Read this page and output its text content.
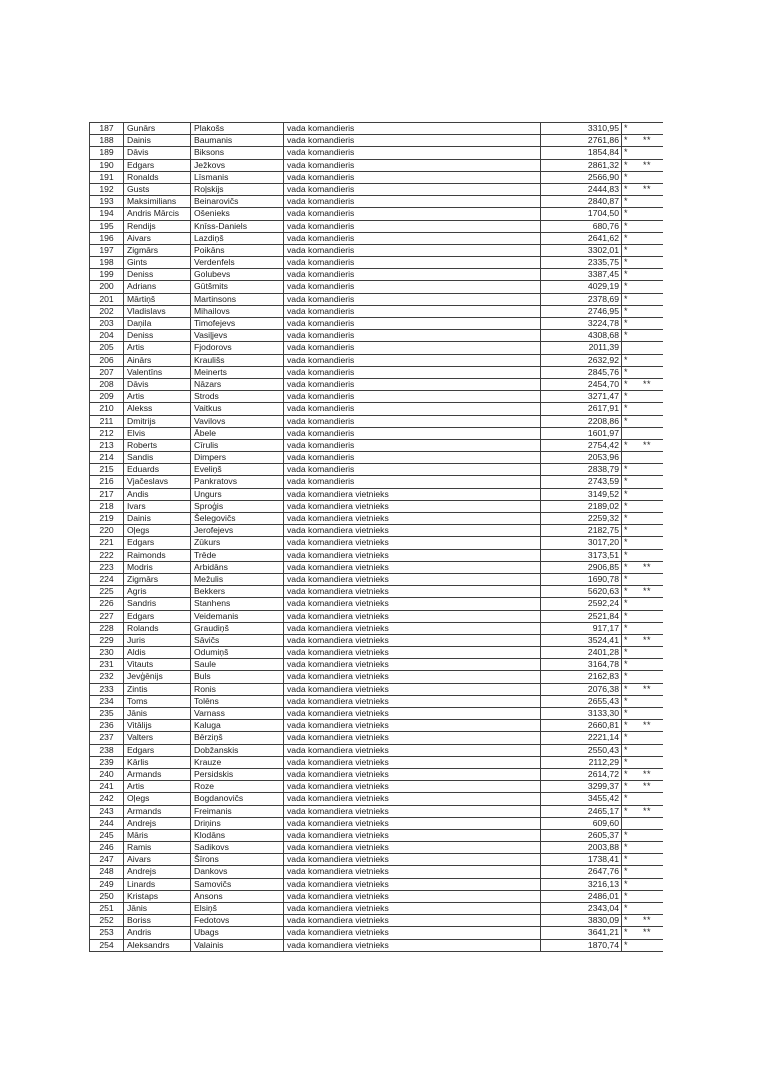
187	Gunārs	Plakošs	vada komandieris	3310,95 *
188	Dainis	Baumanis	vada komandieris	2761,86 *	**
189	Dāvis	Biksons	vada komandieris	1854,84 *
190	Edgars	Ježkovs	vada komandieris	2861,32 *	**
191	Ronalds	Līsmanis	vada komandieris	2566,90 *
192	Gusts	Roļskijs	vada komandieris	2444,83 *	**
193	Maksimilians	Beinarovičs	vada komandieris	2840,87 *
194	Andris Mārcis	Ošenieks	vada komandieris	1704,50 *
195	Rendijs	Knīss-Daniels	vada komandieris	680,76 *
196	Aivars	Lazdiņš	vada komandieris	2641,62 *
197	Zigmārs	Poikāns	vada komandieris	3302,01 *
198	Gints	Verdenfels	vada komandieris	2335,75 *
199	Deniss	Golubevs	vada komandieris	3387,45 *
200	Adrians	Gūtšmits	vada komandieris	4029,19 *
201	Mārtiņš	Martinsons	vada komandieris	2378,69 *
202	Vladislavs	Mihailovs	vada komandieris	2746,95 *
203	Daņila	Timofejevs	vada komandieris	3224,78 *
204	Deniss	Vasiļjevs	vada komandieris	4308,68 *
205	Artis	Fjodorovs	vada komandieris	2011,39
206	Ainārs	Kraulišs	vada komandieris	2632,92 *
207	Valentīns	Meinerts	vada komandieris	2845,76 *
208	Dāvis	Nāzars	vada komandieris	2454,70 *	**
209	Artis	Strods	vada komandieris	3271,47 *
210	Alekss	Vaitkus	vada komandieris	2617,91 *
211	Dmitrijs	Vavilovs	vada komandieris	2208,86 *
212	Elvis	Ābele	vada komandieris	1601,97
213	Roberts	Cīrulis	vada komandieris	2754,42 *	**
214	Sandis	Dimpers	vada komandieris	2053,96
215	Eduards	Eveliņš	vada komandieris	2838,79 *
216	Vjačeslavs	Pankratovs	vada komandieris	2743,59 *
217	Andis	Ungurs	vada komandiera vietnieks	3149,52 *
218	Ivars	Sproģis	vada komandiera vietnieks	2189,02 *
219	Dainis	Šelegovičs	vada komandiera vietnieks	2259,32 *
220	Oļegs	Jerofejevs	vada komandiera vietnieks	2182,75 *
221	Edgars	Zūkurs	vada komandiera vietnieks	3017,20 *
222	Raimonds	Trēde	vada komandiera vietnieks	3173,51 *
223	Modris	Arbidāns	vada komandiera vietnieks	2906,85 *	**
224	Zigmārs	Mežulis	vada komandiera vietnieks	1690,78 *
225	Agris	Bekkers	vada komandiera vietnieks	5620,63 *	**
226	Sandris	Stanhens	vada komandiera vietnieks	2592,24 *
227	Edgars	Veidemanis	vada komandiera vietnieks	2521,84 *
228	Rolands	Graudiņš	vada komandiera vietnieks	917,17 *
229	Juris	Sāvičs	vada komandiera vietnieks	3524,41 *	**
230	Aldis	Odumiņš	vada komandiera vietnieks	2401,28 *
231	Vitauts	Saule	vada komandiera vietnieks	3164,78 *
232	Jevģēnijs	Buls	vada komandiera vietnieks	2162,83 *
233	Zintis	Ronis	vada komandiera vietnieks	2076,38 *	**
234	Toms	Tolēns	vada komandiera vietnieks	2655,43 *
235	Jānis	Varnass	vada komandiera vietnieks	3133,30 *
236	Vitālijs	Kaluga	vada komandiera vietnieks	2660,81 *	**
237	Valters	Bērziņš	vada komandiera vietnieks	2221,14 *
238	Edgars	Dobžanskis	vada komandiera vietnieks	2550,43 *
239	Kārlis	Krauze	vada komandiera vietnieks	2112,29 *
240	Armands	Persidskis	vada komandiera vietnieks	2614,72 *	**
241	Artis	Roze	vada komandiera vietnieks	3299,37 *	**
242	Oļegs	Bogdanovičs	vada komandiera vietnieks	3455,42 *
243	Armands	Freimanis	vada komandiera vietnieks	2465,17 *	**
244	Andrejs	Driņins	vada komandiera vietnieks	609,60
245	Māris	Klodāns	vada komandiera vietnieks	2605,37 *
246	Ramis	Sadikovs	vada komandiera vietnieks	2003,88 *
247	Aivars	Šīrons	vada komandiera vietnieks	1738,41 *
248	Andrejs	Dankovs	vada komandiera vietnieks	2647,76 *
249	Linards	Samovičs	vada komandiera vietnieks	3216,13 *
250	Kristaps	Ansons	vada komandiera vietnieks	2486,01 *
251	Jānis	Elsiņš	vada komandiera vietnieks	2343,04 *
252	Boriss	Fedotovs	vada komandiera vietnieks	3830,09 *	**
253	Andris	Ubags	vada komandiera vietnieks	3641,21 *	**
254	Aleksandrs	Valainis	vada komandiera vietnieks	1870,74 *
